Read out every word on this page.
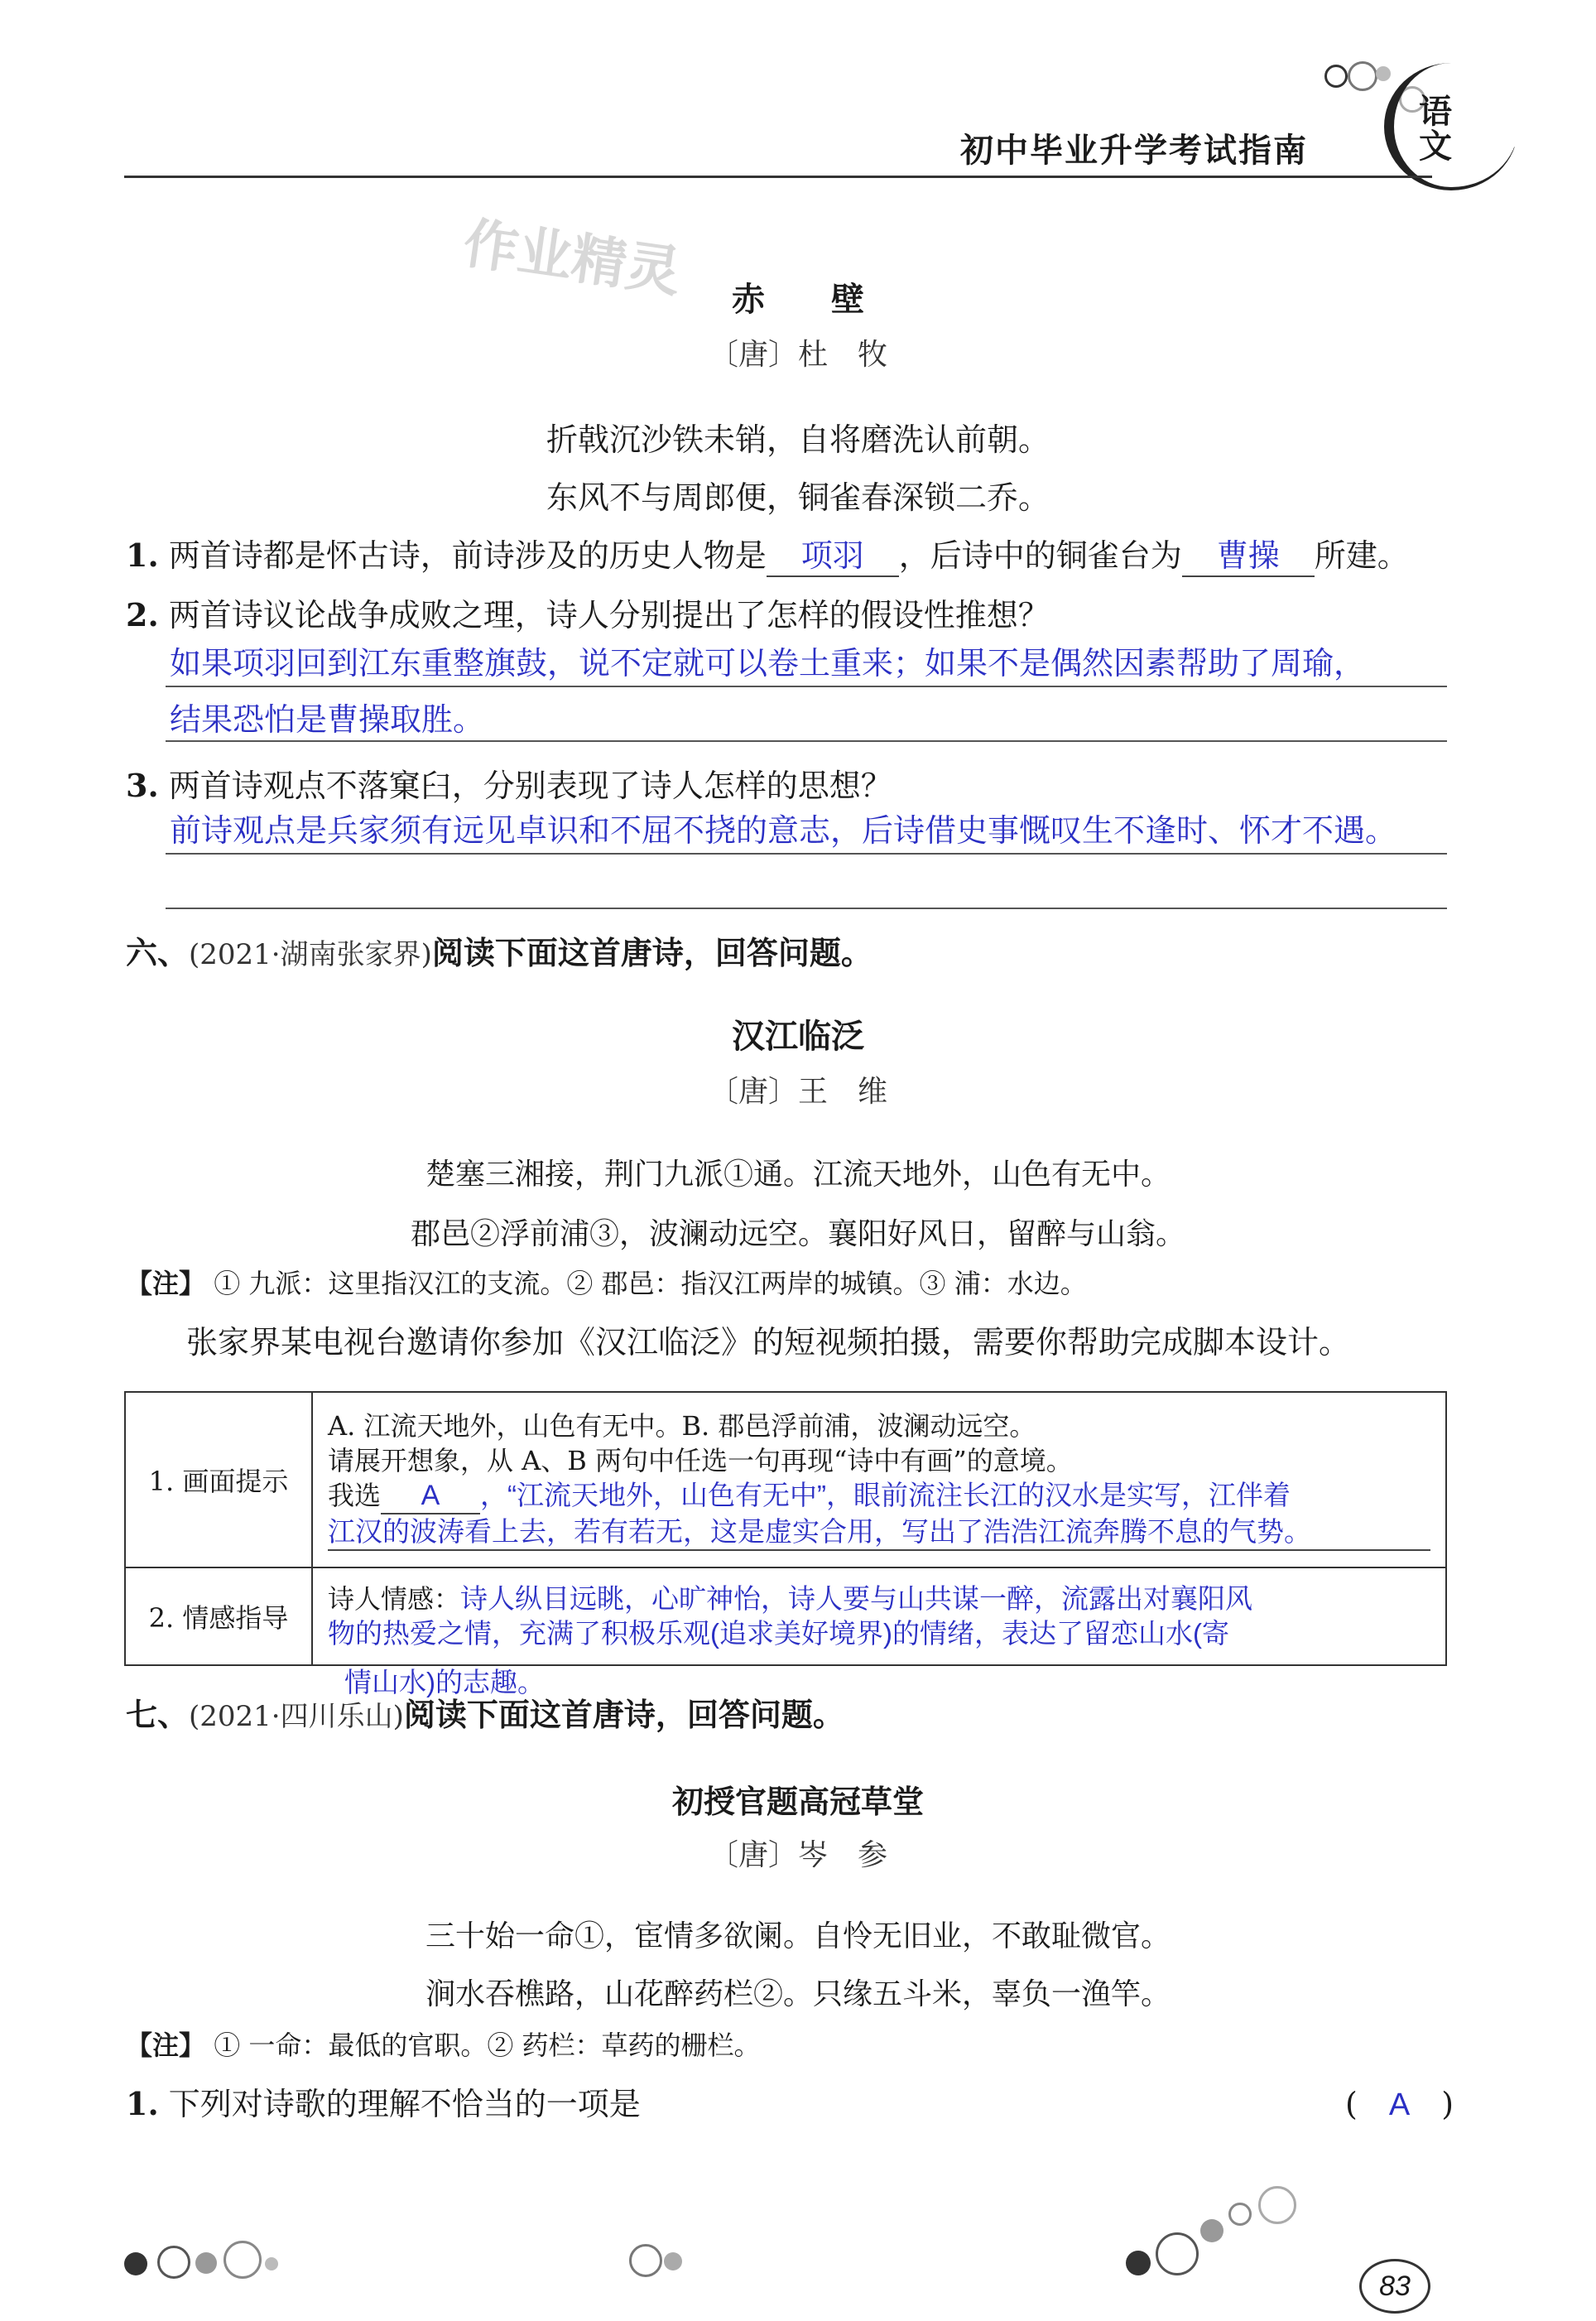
初中毕业升学考试指南
语文
作业精灵	赤　　壁
〔唐〕杜　牧
折戟沉沙铁未销，自将磨洗认前朝。
东风不与周郎便，铜雀春深锁二乔。
1. 两首诗都是怀古诗，前诗涉及的历史人物是 项羽 ，后诗中的铜雀台为 曹操 所建。
2. 两首诗议论战争成败之理，诗人分别提出了怎样的假设性推想？
如果项羽回到江东重整旗鼓，说不定就可以卷土重来；如果不是偶然因素帮助了周瑜，
结果恐怕是曹操取胜。
3. 两首诗观点不落窠臼，分别表现了诗人怎样的思想？
前诗观点是兵家须有远见卓识和不屈不挠的意志，后诗借史事慨叹生不逢时、怀才不遇。
六、(2021·湖南张家界)阅读下面这首唐诗，回答问题。
汉江临泛
〔唐〕王　维
楚塞三湘接，荆门九派①通。江流天地外，山色有无中。
郡邑②浮前浦③，波澜动远空。襄阳好风日，留醉与山翁。
【注】 ① 九派：这里指汉江的支流。② 郡邑：指汉江两岸的城镇。③ 浦：水边。
张家界某电视台邀请你参加《汉江临泛》的短视频拍摄，需要你帮助完成脚本设计。
1. 画面提示	A. 江流天地外，山色有无中。B. 郡邑浮前浦，波澜动远空。
请展开想象，从 A、B 两句中任选一句再现“诗中有画”的意境。
我选 A ，“江流天地外，山色有无中”，眼前流注长江的汉水是实写，江伴着
江汉的波涛看上去，若有若无，这是虚实合用，写出了浩浩江流奔腾不息的气势。

2. 情感指导	诗人情感：诗人纵目远眺，心旷神怡，诗人要与山共谋一醉，流露出对襄阳风
物的热爱之情，充满了积极乐观(追求美好境界)的情绪，表达了留恋山水(寄
情山水)的志趣。
七、(2021·四川乐山)阅读下面这首唐诗，回答问题。
初授官题高冠草堂
〔唐〕岑　参
三十始一命①，宦情多欲阑。自怜无旧业，不敢耻微官。
涧水吞樵路，山花醉药栏②。只缘五斗米，辜负一渔竿。
【注】 ① 一命：最低的官职。② 药栏：草药的栅栏。
1. 下列对诗歌的理解不恰当的一项是	(　A　)
83
